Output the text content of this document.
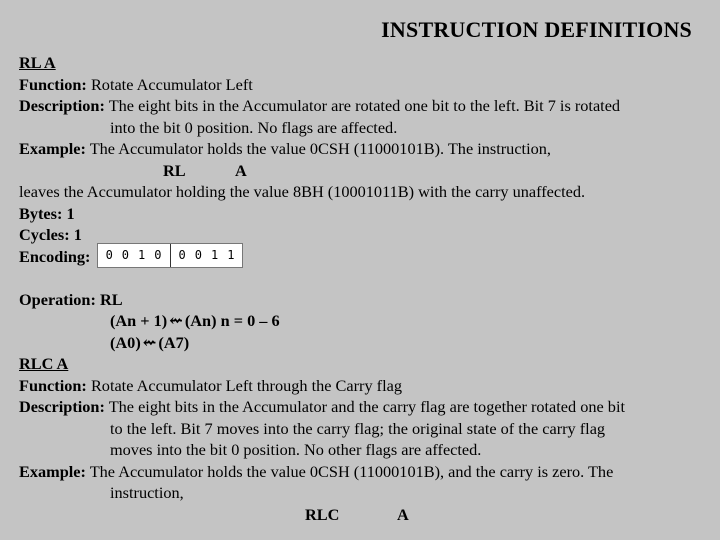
INSTRUCTION DEFINITIONS
RL A
Function: Rotate Accumulator Left
Description: The eight bits in the Accumulator are rotated one bit to the left. Bit 7 is rotated
into the bit 0 position. No flags are affected.
Example: The Accumulator holds the value 0CSH (11000101B). The instruction,
RL	A
leaves the Accumulator holding the value 8BH (10001011B) with the carry unaffected.
Bytes: 1
Cycles: 1
Encoding: 0 0 1 0 0 0 1 1
Operation: RL
(An + 1) ⇜ (An) n = 0 – 6
(A0) ⇜ (A7)
RLC A
Function: Rotate Accumulator Left through the Carry flag
Description: The eight bits in the Accumulator and the carry flag are together rotated one bit
to the left. Bit 7 moves into the carry flag; the original state of the carry flag
moves into the bit 0 position. No other flags are affected.
Example: The Accumulator holds the value 0CSH (11000101B), and the carry is zero. The
instruction,
RLC	A
